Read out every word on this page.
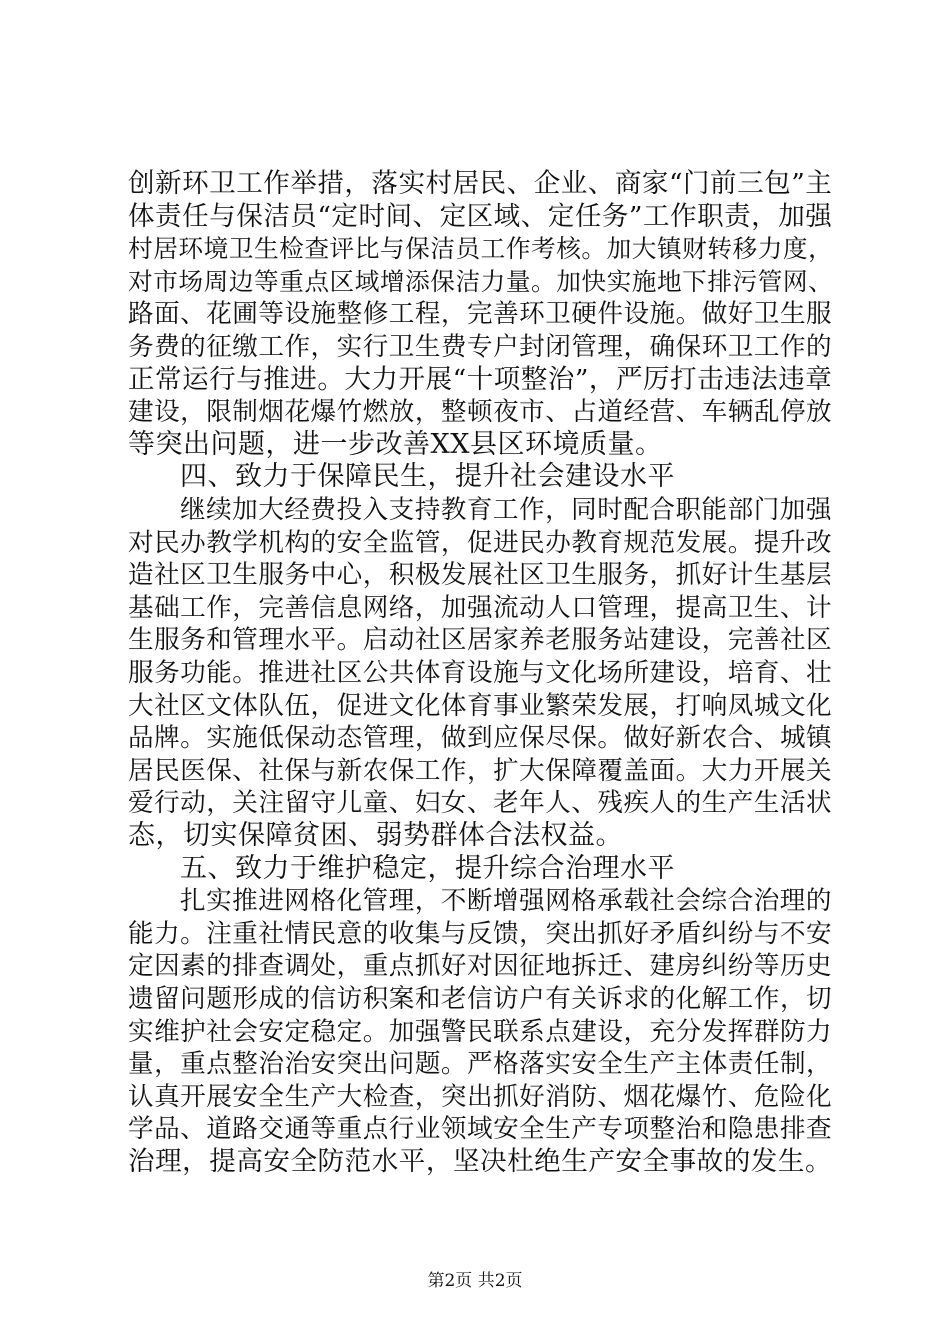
创新环卫工作举措，落实村居民、企业、商家“门前三包”主
体责任与保洁员“定时间、定区域、定任务”工作职责，加强
村居环境卫生检查评比与保洁员工作考核。加大镇财转移力度，
对市场周边等重点区域增添保洁力量。加快实施地下排污管网、
路面、花圃等设施整修工程，完善环卫硬件设施。做好卫生服
务费的征缴工作，实行卫生费专户封闭管理，确保环卫工作的
正常运行与推进。大力开展“十项整治”，严厉打击违法违章
建设，限制烟花爆竹燃放，整顿夜市、占道经营、车辆乱停放
等突出问题，进一步改善XX县区环境质量。
四、致力于保障民生，提升社会建设水平
继续加大经费投入支持教育工作，同时配合职能部门加强
对民办教学机构的安全监管，促进民办教育规范发展。提升改
造社区卫生服务中心，积极发展社区卫生服务，抓好计生基层
基础工作，完善信息网络，加强流动人口管理，提高卫生、计
生服务和管理水平。启动社区居家养老服务站建设，完善社区
服务功能。推进社区公共体育设施与文化场所建设，培育、壮
大社区文体队伍，促进文化体育事业繁荣发展，打响凤城文化
品牌。实施低保动态管理，做到应保尽保。做好新农合、城镇
居民医保、社保与新农保工作，扩大保障覆盖面。大力开展关
爱行动，关注留守儿童、妇女、老年人、残疾人的生产生活状
态，切实保障贫困、弱势群体合法权益。
五、致力于维护稳定，提升综合治理水平
扎实推进网格化管理，不断增强网格承载社会综合治理的
能力。注重社情民意的收集与反馈，突出抓好矛盾纠纷与不安
定因素的排查调处，重点抓好对因征地拆迁、建房纠纷等历史
遗留问题形成的信访积案和老信访户有关诉求的化解工作，切
实维护社会安定稳定。加强警民联系点建设，充分发挥群防力
量，重点整治治安突出问题。严格落实安全生产主体责任制，
认真开展安全生产大检查，突出抓好消防、烟花爆竹、危险化
学品、道路交通等重点行业领域安全生产专项整治和隐患排查
治理，提高安全防范水平，坚决杜绝生产安全事故的发生。
第2页 共2页
